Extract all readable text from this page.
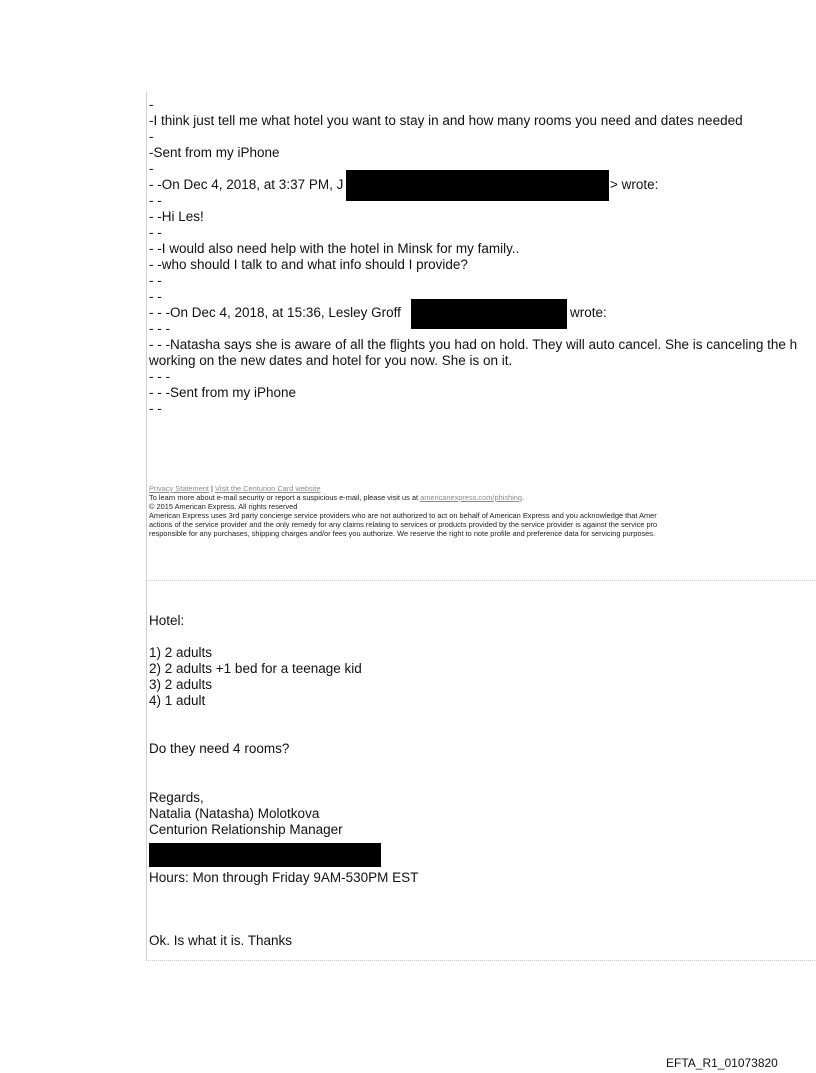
-
-I think just tell me what hotel you want to stay in and how many rooms you need and dates needed
-
-Sent from my iPhone
-
- -On Dec 4, 2018, at 3:37 PM, J	> wrote:
- -
- -Hi Les!
- -
- -I would also need help with the hotel in Minsk for my family..
- -who should I talk to and what info should I provide?
- -
- -
- - -On Dec 4, 2018, at 15:36, Lesley Groff	wrote:
- - -
- - -Natasha says she is aware of all the flights you had on hold. They will auto cancel. She is canceling the h
working on the new dates and hotel for you now. She is on it.
- - -
- - -Sent from my iPhone
- -
Privacy Statement | Visit the Centurion Card website
To learn more about e-mail security or report a suspicious e-mail, please visit us at americanexpress.com/phishing.
© 2015 American Express. All rights reserved
American Express uses 3rd party concierge service providers who are not authorized to act on behalf of American Express and you acknowledge that Amer
actions of the service provider and the only remedy for any claims relating to services or products provided by the service provider is against the service pro
responsible for any purchases, shipping charges and/or fees you authorize. We reserve the right to note profile and preference data for servicing purposes.
Hotel:
1) 2 adults
2) 2 adults +1 bed for a teenage kid
3) 2 adults
4) 1 adult
Do they need 4 rooms?
Regards,
Natalia (Natasha) Molotkova
Centurion Relationship Manager
Hours: Mon through Friday 9AM-530PM EST
Ok. Is what it is. Thanks
EFTA_R1_01073820
